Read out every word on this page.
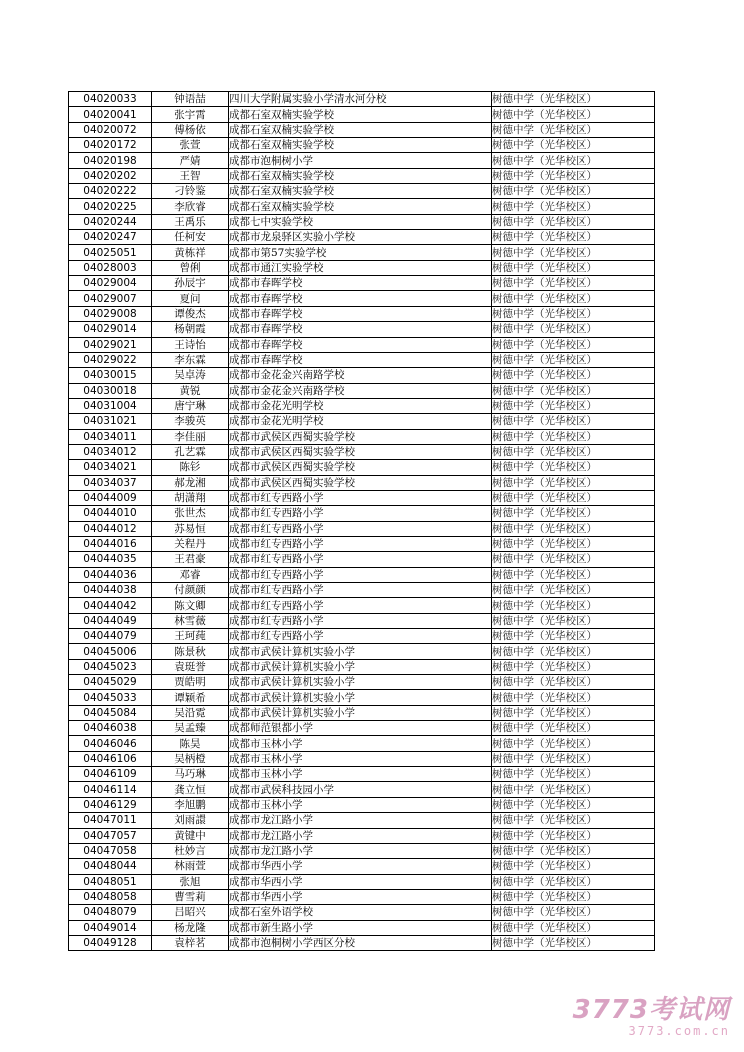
04020033	钟语喆	四川大学附属实验小学清水河分校	树德中学（光华校区）
04020041	张宇霄	成都石室双楠实验学校	树德中学（光华校区）
04020072	傅杨依	成都石室双楠实验学校	树德中学（光华校区）
04020172	张萱	成都石室双楠实验学校	树德中学（光华校区）
04020198	严婧	成都市泡桐树小学	树德中学（光华校区）
04020202	王智	成都石室双楠实验学校	树德中学（光华校区）
04020222	刁铃鉴	成都石室双楠实验学校	树德中学（光华校区）
04020225	李欣睿	成都石室双楠实验学校	树德中学（光华校区）
04020244	王禹乐	成都七中实验学校	树德中学（光华校区）
04020247	任柯安	成都市龙泉驿区实验小学校	树德中学（光华校区）
04025051	黄栋祥	成都市第57实验学校	树德中学（光华校区）
04028003	曾俐	成都市通江实验学校	树德中学（光华校区）
04029004	孙辰宇	成都市春晖学校	树德中学（光华校区）
04029007	夏问	成都市春晖学校	树德中学（光华校区）
04029008	谭俊杰	成都市春晖学校	树德中学（光华校区）
04029014	杨朝霞	成都市春晖学校	树德中学（光华校区）
04029021	王诗怡	成都市春晖学校	树德中学（光华校区）
04029022	李东霖	成都市春晖学校	树德中学（光华校区）
04030015	吴卓涛	成都市金花金兴南路学校	树德中学（光华校区）
04030018	黄锐	成都市金花金兴南路学校	树德中学（光华校区）
04031004	唐宁琳	成都市金花光明学校	树德中学（光华校区）
04031021	李骏英	成都市金花光明学校	树德中学（光华校区）
04034011	李佳丽	成都市武侯区西蜀实验学校	树德中学（光华校区）
04034012	孔艺霖	成都市武侯区西蜀实验学校	树德中学（光华校区）
04034021	陈钐	成都市武侯区西蜀实验学校	树德中学（光华校区）
04034037	郝龙湘	成都市武侯区西蜀实验学校	树德中学（光华校区）
04044009	胡潇翔	成都市红专西路小学	树德中学（光华校区）
04044010	张世杰	成都市红专西路小学	树德中学（光华校区）
04044012	苏易恒	成都市红专西路小学	树德中学（光华校区）
04044016	关程丹	成都市红专西路小学	树德中学（光华校区）
04044035	王君豪	成都市红专西路小学	树德中学（光华校区）
04044036	邓睿	成都市红专西路小学	树德中学（光华校区）
04044038	付颜颜	成都市红专西路小学	树德中学（光华校区）
04044042	陈文卿	成都市红专西路小学	树德中学（光华校区）
04044049	林雪薇	成都市红专西路小学	树德中学（光华校区）
04044079	王珂莼	成都市红专西路小学	树德中学（光华校区）
04045006	陈景秋	成都市武侯计算机实验小学	树德中学（光华校区）
04045023	袁珽誉	成都市武侯计算机实验小学	树德中学（光华校区）
04045029	贾皓明	成都市武侯计算机实验小学	树德中学（光华校区）
04045033	谭颖希	成都市武侯计算机实验小学	树德中学（光华校区）
04045084	吴沿霓	成都市武侯计算机实验小学	树德中学（光华校区）
04046038	吴孟臻	成都师范银都小学	树德中学（光华校区）
04046046	陈昊	成都市玉林小学	树德中学（光华校区）
04046106	吴柄橙	成都市玉林小学	树德中学（光华校区）
04046109	马巧琳	成都市玉林小学	树德中学（光华校区）
04046114	龚立恒	成都市武侯科技园小学	树德中学（光华校区）
04046129	李旭鹏	成都市玉林小学	树德中学（光华校区）
04047011	刘雨譞	成都市龙江路小学	树德中学（光华校区）
04047057	黄键中	成都市龙江路小学	树德中学（光华校区）
04047058	杜妙言	成都市龙江路小学	树德中学（光华校区）
04048044	林雨萱	成都市华西小学	树德中学（光华校区）
04048051	张旭	成都市华西小学	树德中学（光华校区）
04048058	曹雪莉	成都市华西小学	树德中学（光华校区）
04048079	吕昭兴	成都石室外语学校	树德中学（光华校区）
04049014	杨龙隆	成都市新生路小学	树德中学（光华校区）
04049128	袁梓茗	成都市泡桐树小学西区分校	树德中学（光华校区）
3773考试网
3773.com.cn
